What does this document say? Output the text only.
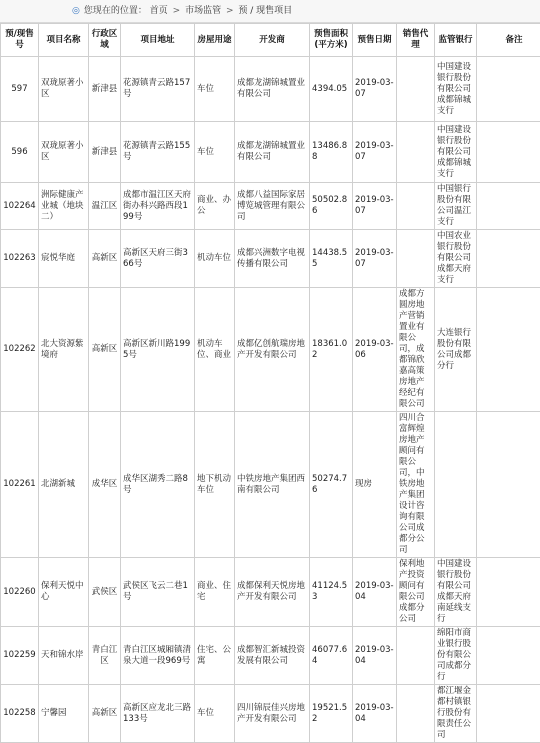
◎ 您现在的位置： 首页 > 市场监管 > 预 / 现售项目
预/现售号	项目名称	行政区域	项目地址	房屋用途	开发商	预售面积(平方米)	预售日期	销售代理	监管银行	备注
597	双珑原著小区	新津县	花源镇青云路157号	车位	成都龙湖锦城置业有限公司	4394.05	2019-03-07		中国建设银行股份有限公司成都锦城支行	
596	双珑原著小区	新津县	花源镇青云路155号	车位	成都龙湖锦城置业有限公司	13486.88	2019-03-07		中国建设银行股份有限公司成都锦城支行	
102264	洲际健康产业城（地块二）	温江区	成都市温江区天府街办科兴路西段199号	商业、办公	成都八益国际家居博览城管理有限公司	50502.86	2019-03-07		中国银行股份有限公司温江支行	
102263	宸悦华庭	高新区	高新区天府三街366号	机动车位	成都兴洲数字电视传播有限公司	14438.55	2019-03-07		中国农业银行股份有限公司成都天府支行	
102262	北大资源紫境府	高新区	高新区新川路1995号	机动车位、商业	成都亿创航瑞房地产开发有限公司	18361.02	2019-03-06	成都方圆房地产营销置业有限公司，成都锦欣嘉高策房地产经纪有限公司	大连银行股份有限公司成都分行	
102261	北湖新城	成华区	成华区湖秀二路8号	地下机动车位	中铁房地产集团西南有限公司	50274.76	现房	四川合富辉煌房地产顾问有限公司，中铁房地产集团设计咨询有限公司成都分公司		
102260	保利天悦中心	武侯区	武侯区飞云二巷1号	商业、住宅	成都保利天悦房地产开发有限公司	41124.53	2019-03-04	保利地产投资顾问有限公司成都分公司	中国建设银行股份有限公司成都天府南延线支行	
102259	天和锦水岸	青白江区	青白江区城厢镇清泉大道一段969号	住宅、公寓	成都智汇新城投资发展有限公司	46077.64	2019-03-04		绵阳市商业银行股份有限公司成都分行	
102258	宁馨园	高新区	高新区应龙北三路133号	车位	四川锦辰佳兴房地产开发有限公司	19521.52	2019-03-04		都江堰金都村镇银行股份有限责任公司	
